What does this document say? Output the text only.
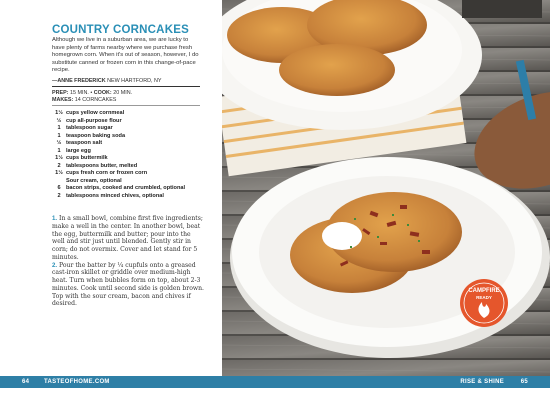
COUNTRY CORNCAKES
Although we live in a suburban area, we are lucky to have plenty of farms nearby where we purchase fresh homegrown corn. When it's out of season, however, I do substitute canned or frozen corn in this change-of-pace recipe.
—ANNE FREDERICK NEW HARTFORD, NY
PREP: 15 MIN. • COOK: 20 MIN.
MAKES: 14 CORNCAKES
1½ cups yellow cornmeal
½ cup all-purpose flour
1 tablespoon sugar
1 teaspoon baking soda
½ teaspoon salt
1 large egg
1½ cups buttermilk
2 tablespoons butter, melted
1½ cups fresh corn or frozen corn
Sour cream, optional
6 bacon strips, cooked and crumbled, optional
2 tablespoons minced chives, optional

1. In a small bowl, combine first five ingredients; make a well in the center. In another bowl, beat the egg, buttermilk and butter; pour into the well and stir just until blended. Gently stir in corn; do not overmix. Cover and let stand for 5 minutes.

2. Pour the batter by ¼ cupfuls onto a greased cast-iron skillet or griddle over medium-high heat. Turn when bubbles form on top, about 2-3 minutes. Cook until second side is golden brown. Top with the sour cream, bacon and chives if desired.

CAMPFIRE
READY
64 TASTEOFHOME.COM	RISE & SHINE	65
